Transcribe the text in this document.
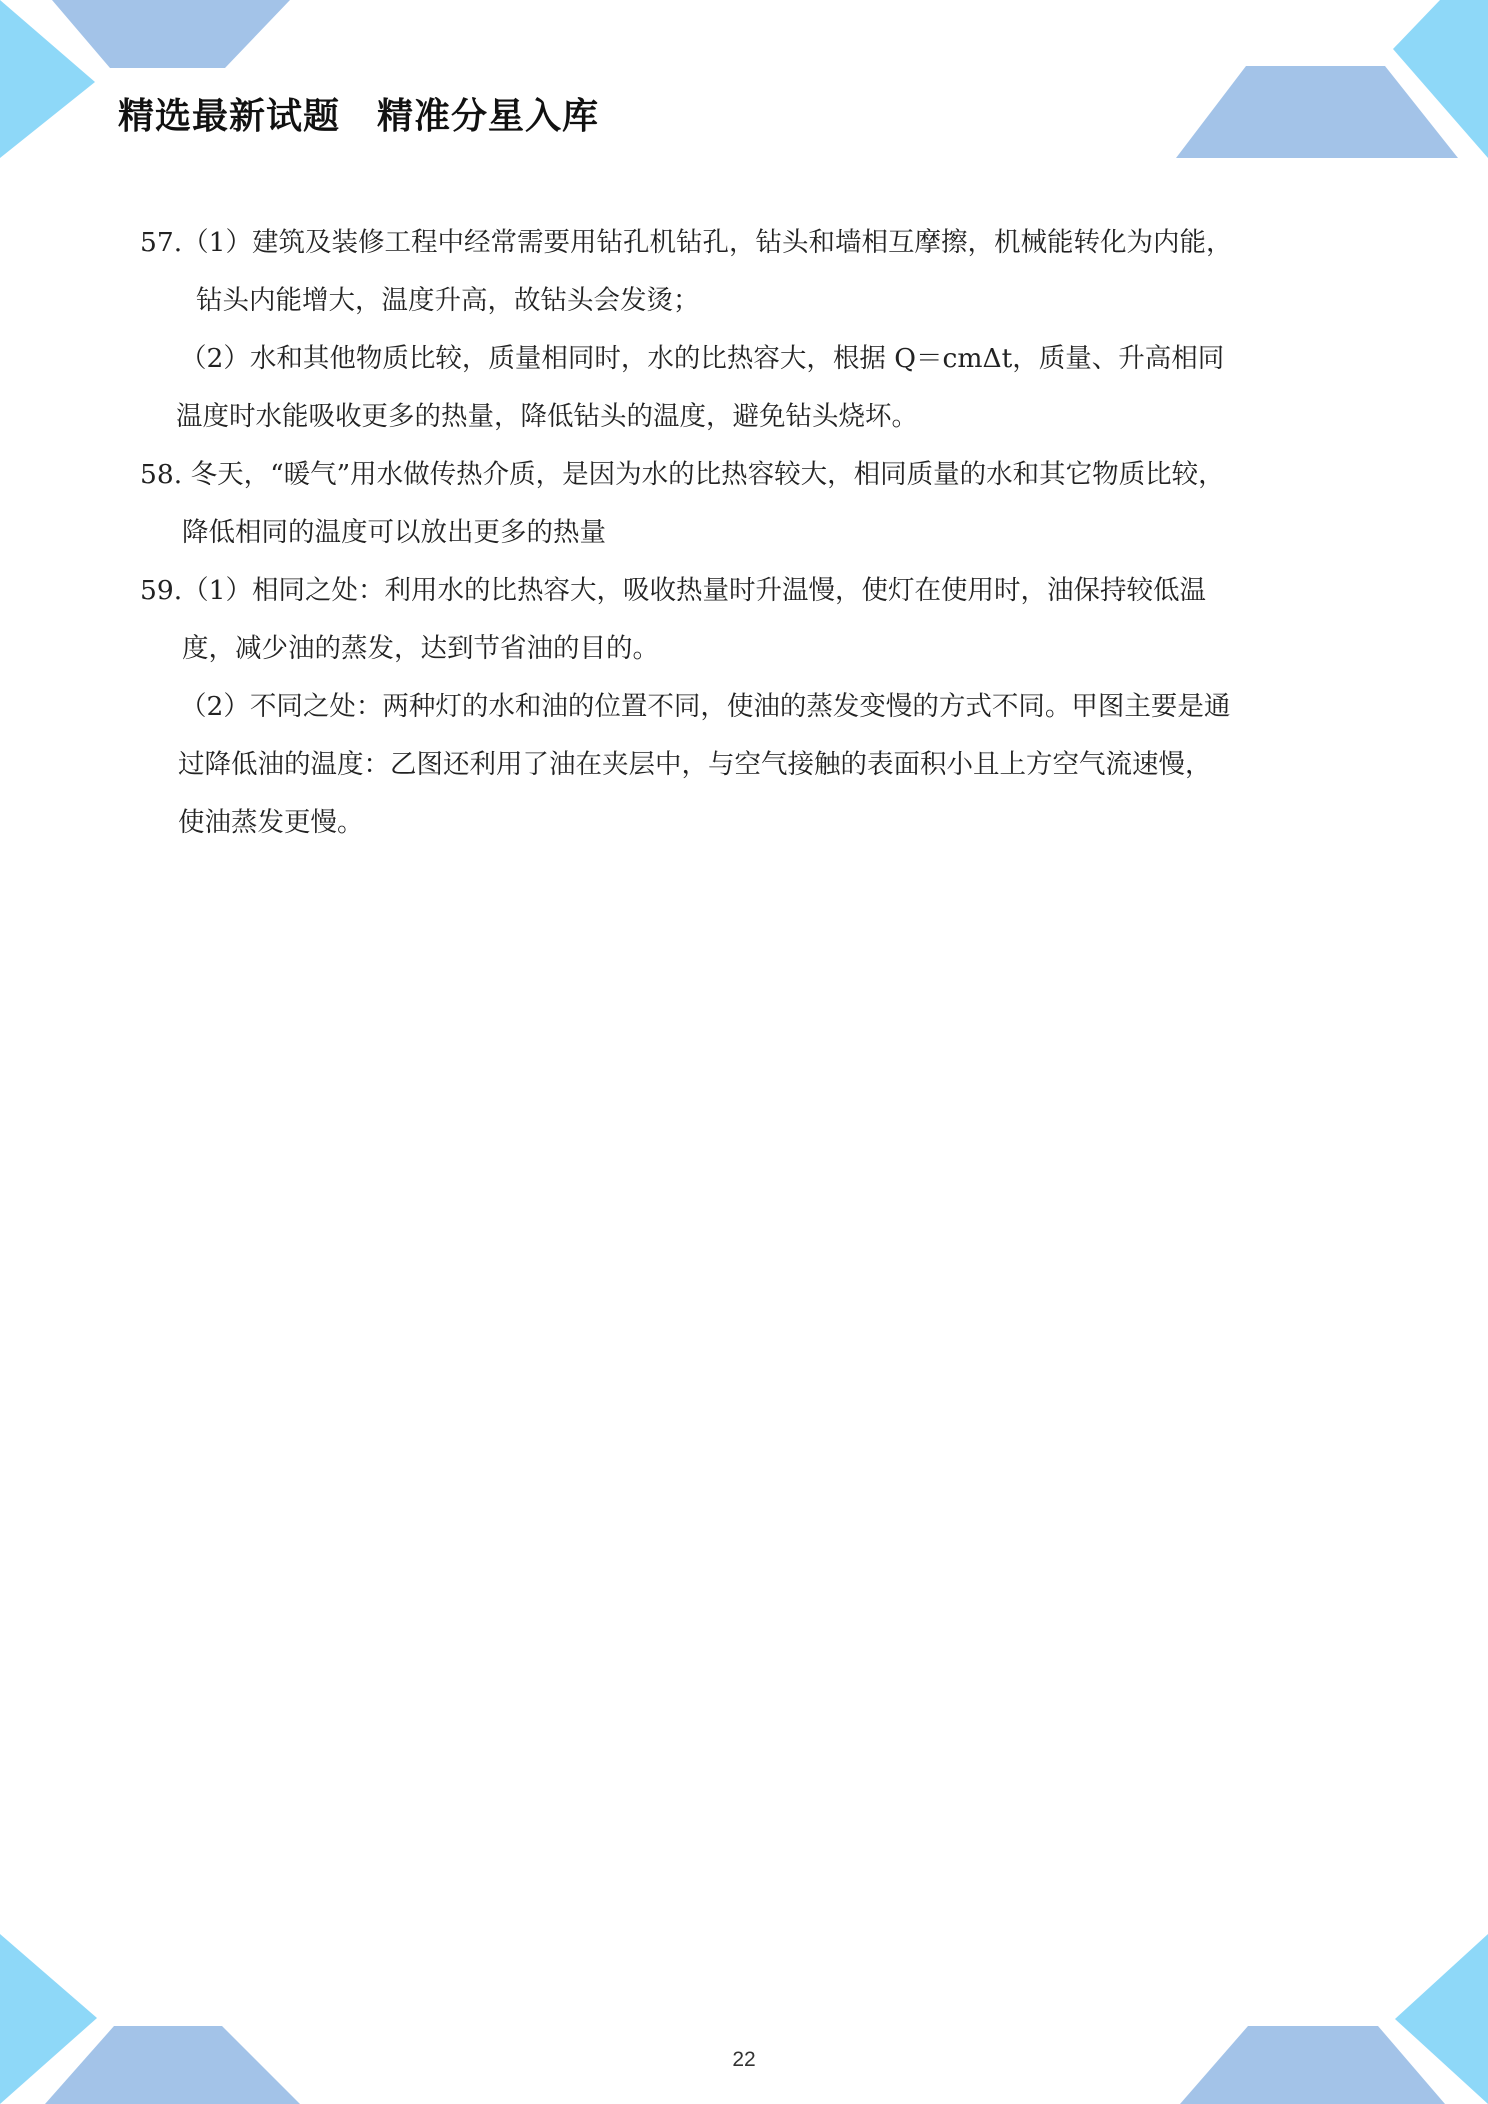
精选最新试题　精准分星入库
57.（1）建筑及装修工程中经常需要用钻孔机钻孔，钻头和墙相互摩擦，机械能转化为内能，
钻头内能增大，温度升高，故钻头会发烫；
（2）水和其他物质比较，质量相同时，水的比热容大，根据 Q＝cmΔt，质量、升高相同
温度时水能吸收更多的热量，降低钻头的温度，避免钻头烧坏。
58. 冬天，“暖气”用水做传热介质，是因为水的比热容较大，相同质量的水和其它物质比较，
降低相同的温度可以放出更多的热量
59.（1）相同之处：利用水的比热容大，吸收热量时升温慢，使灯在使用时，油保持较低温
度，减少油的蒸发，达到节省油的目的。
（2）不同之处：两种灯的水和油的位置不同，使油的蒸发变慢的方式不同。甲图主要是通
过降低油的温度：乙图还利用了油在夹层中，与空气接触的表面积小且上方空气流速慢，
使油蒸发更慢。
22
